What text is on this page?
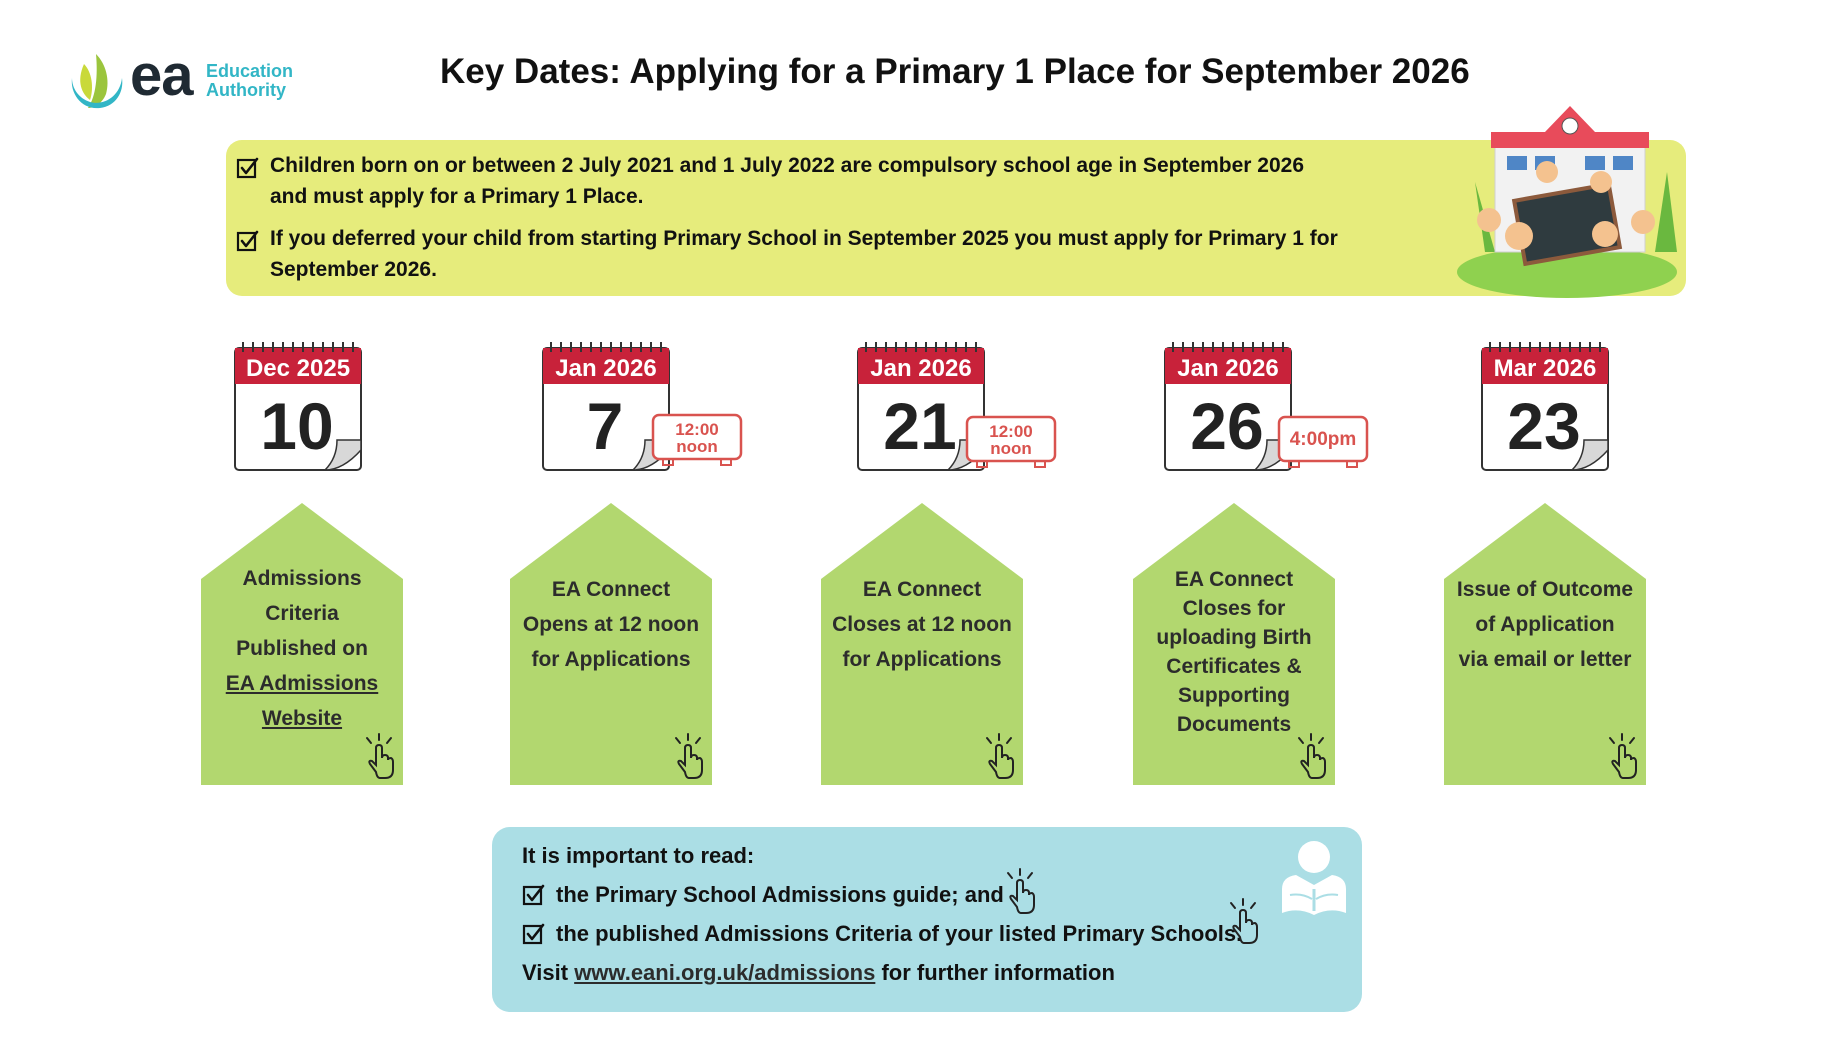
ea Education
Authority	Key Dates: Applying for a Primary 1 Place for September 2026
Children born on or between 2 July 2021 and 1 July 2022 are compulsory school age in September 2026
and must apply for a Primary 1 Place.
If you deferred your child from starting Primary School in September 2025 you must apply for Primary 1 for
September 2026.
Dec 2025
10
Jan 2026
7	12:00
noon
Jan 2026
21	12:00
noon
Jan 2026
26	4:00pm
Mar 2026
23
Admissions
Criteria
Published on
EA Admissions
Website
EA Connect
Opens at 12 noon
for Applications
EA Connect
Closes at 12 noon
for Applications
EA Connect
Closes for
uploading Birth
Certificates &
Supporting
Documents
Issue of Outcome
of Application
via email or letter
It is important to read:
the Primary School Admissions guide; and
the published Admissions Criteria of your listed Primary Schools.
Visit www.eani.org.uk/admissions for further information
